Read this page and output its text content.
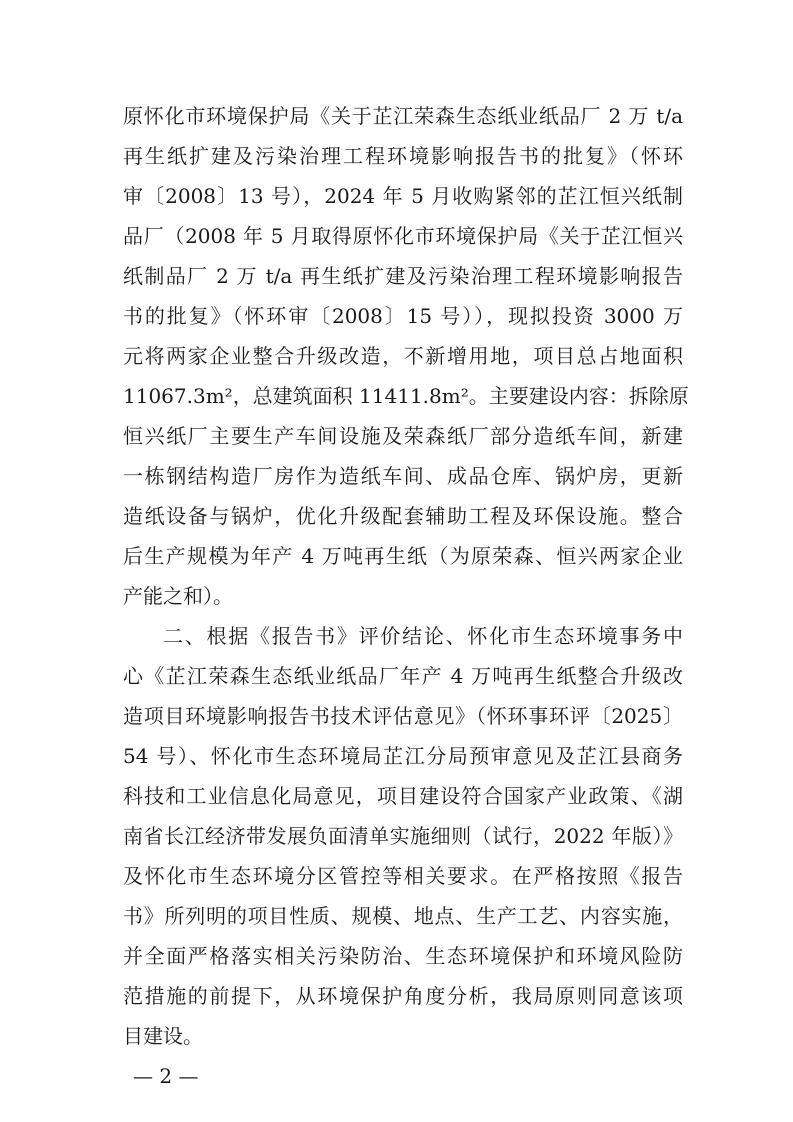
原怀化市环境保护局《关于芷江荣森生态纸业纸品厂 2 万 t/a
再生纸扩建及污染治理工程环境影响报告书的批复》（怀环
审〔2008〕13 号），2024 年 5 月收购紧邻的芷江恒兴纸制
品厂（2008 年 5 月取得原怀化市环境保护局《关于芷江恒兴
纸制品厂 2 万 t/a 再生纸扩建及污染治理工程环境影响报告
书的批复》（怀环审〔2008〕15 号）），现拟投资 3000 万
元将两家企业整合升级改造，不新增用地，项目总占地面积
11067.3m²，总建筑面积 11411.8m²。主要建设内容：拆除原
恒兴纸厂主要生产车间设施及荣森纸厂部分造纸车间，新建
一栋钢结构造厂房作为造纸车间、成品仓库、锅炉房，更新
造纸设备与锅炉，优化升级配套辅助工程及环保设施。整合
后生产规模为年产 4 万吨再生纸（为原荣森、恒兴两家企业
产能之和）。
二、根据《报告书》评价结论、怀化市生态环境事务中
心《芷江荣森生态纸业纸品厂年产 4 万吨再生纸整合升级改
造项目环境影响报告书技术评估意见》（怀环事环评〔2025〕
54 号）、怀化市生态环境局芷江分局预审意见及芷江县商务
科技和工业信息化局意见，项目建设符合国家产业政策、《湖
南省长江经济带发展负面清单实施细则（试行，2022 年版）》
及怀化市生态环境分区管控等相关要求。在严格按照《报告
书》所列明的项目性质、规模、地点、生产工艺、内容实施，
并全面严格落实相关污染防治、生态环境保护和环境风险防
范措施的前提下，从环境保护角度分析，我局原则同意该项
目建设。
— 2 —
